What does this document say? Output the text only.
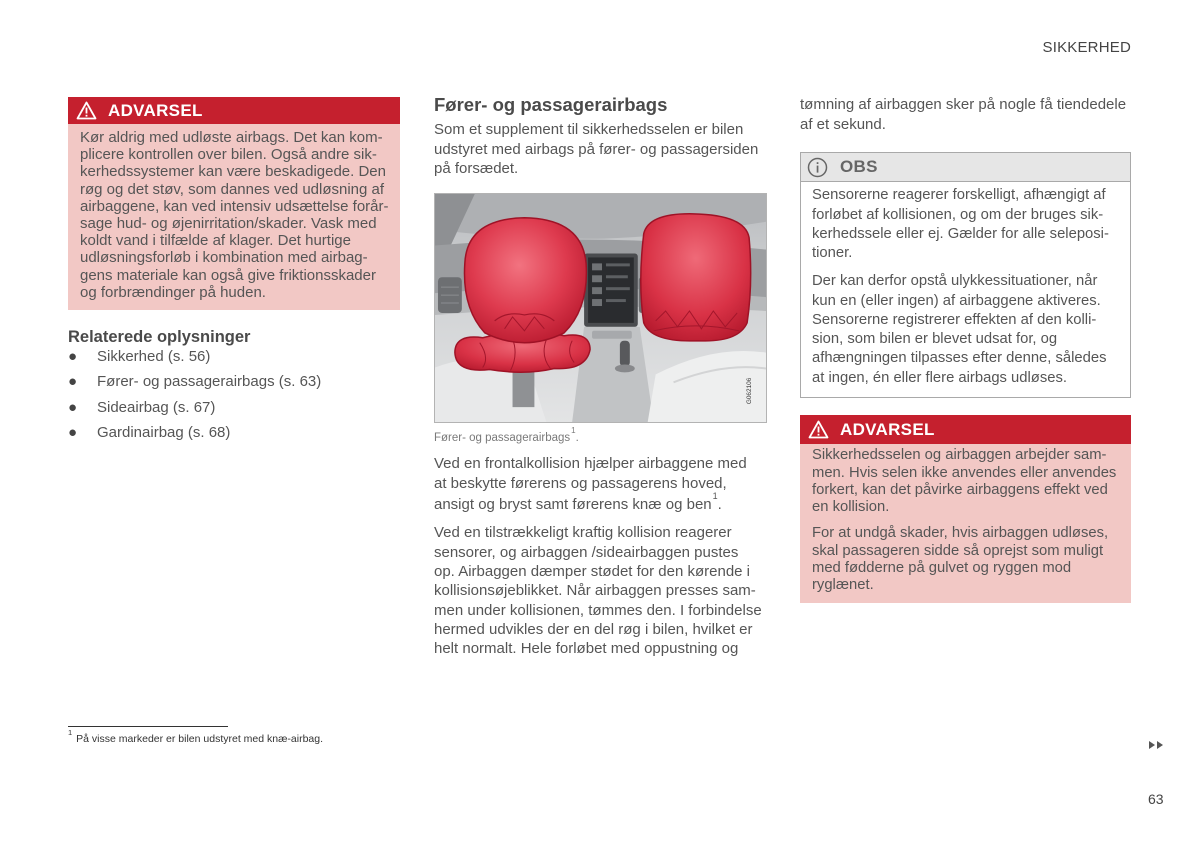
SIKKERHED
ADVARSEL
Kør aldrig med udløste airbags. Det kan kom-
plicere kontrollen over bilen. Også andre sik-
kerhedssystemer kan være beskadigede. Den
røg og det støv, som dannes ved udløsning af
airbaggene, kan ved intensiv udsættelse forår-
sage hud- og øjenirritation/skader. Vask med
koldt vand i tilfælde af klager. Det hurtige
udløsningsforløb i kombination med airbag-
gens materiale kan også give friktionsskader
og forbrændinger på huden.
Relaterede oplysninger
● Sikkerhed (s. 56)
● Fører- og passagerairbags (s. 63)
● Sideairbag (s. 67)
● Gardinairbag (s. 68)
Fører- og passagerairbags
Som et supplement til sikkerhedsselen er bilen
udstyret med airbags på fører- og passagersiden
på forsædet.
G062106
Fører- og passagerairbags$^1$.
Ved en frontalkollision hjælper airbaggene med
at beskytte førerens og passagerens hoved,
ansigt og bryst samt førerens knæ og ben$^1$.
Ved en tilstrækkeligt kraftig kollision reagerer
sensorer, og airbaggen /sideairbaggen pustes
op. Airbaggen dæmper stødet for den kørende i
kollisionsøjeblikket. Når airbaggen presses sam-
men under kollisionen, tømmes den. I forbindelse
hermed udvikles der en del røg i bilen, hvilket er
helt normalt. Hele forløbet med oppustning og
tømning af airbaggen sker på nogle få tiendedele
af et sekund.
OBS
Sensorerne reagerer forskelligt, afhængigt af
forløbet af kollisionen, og om der bruges sik-
kerhedssele eller ej. Gælder for alle seleposi-
tioner.
Der kan derfor opstå ulykkessituationer, når
kun en (eller ingen) af airbaggene aktiveres.
Sensorerne registrerer effekten af den kolli-
sion, som bilen er blevet udsat for, og
afhængningen tilpasses efter denne, således
at ingen, én eller flere airbags udløses.
ADVARSEL
Sikkerhedsselen og airbaggen arbejder sam-
men. Hvis selen ikke anvendes eller anvendes
forkert, kan det påvirke airbaggens effekt ved
en kollision.
For at undgå skader, hvis airbaggen udløses,
skal passageren sidde så oprejst som muligt
med fødderne på gulvet og ryggen mod
ryglænet.
$^1$På visse markeder er bilen udstyret med knæ-airbag.
63
